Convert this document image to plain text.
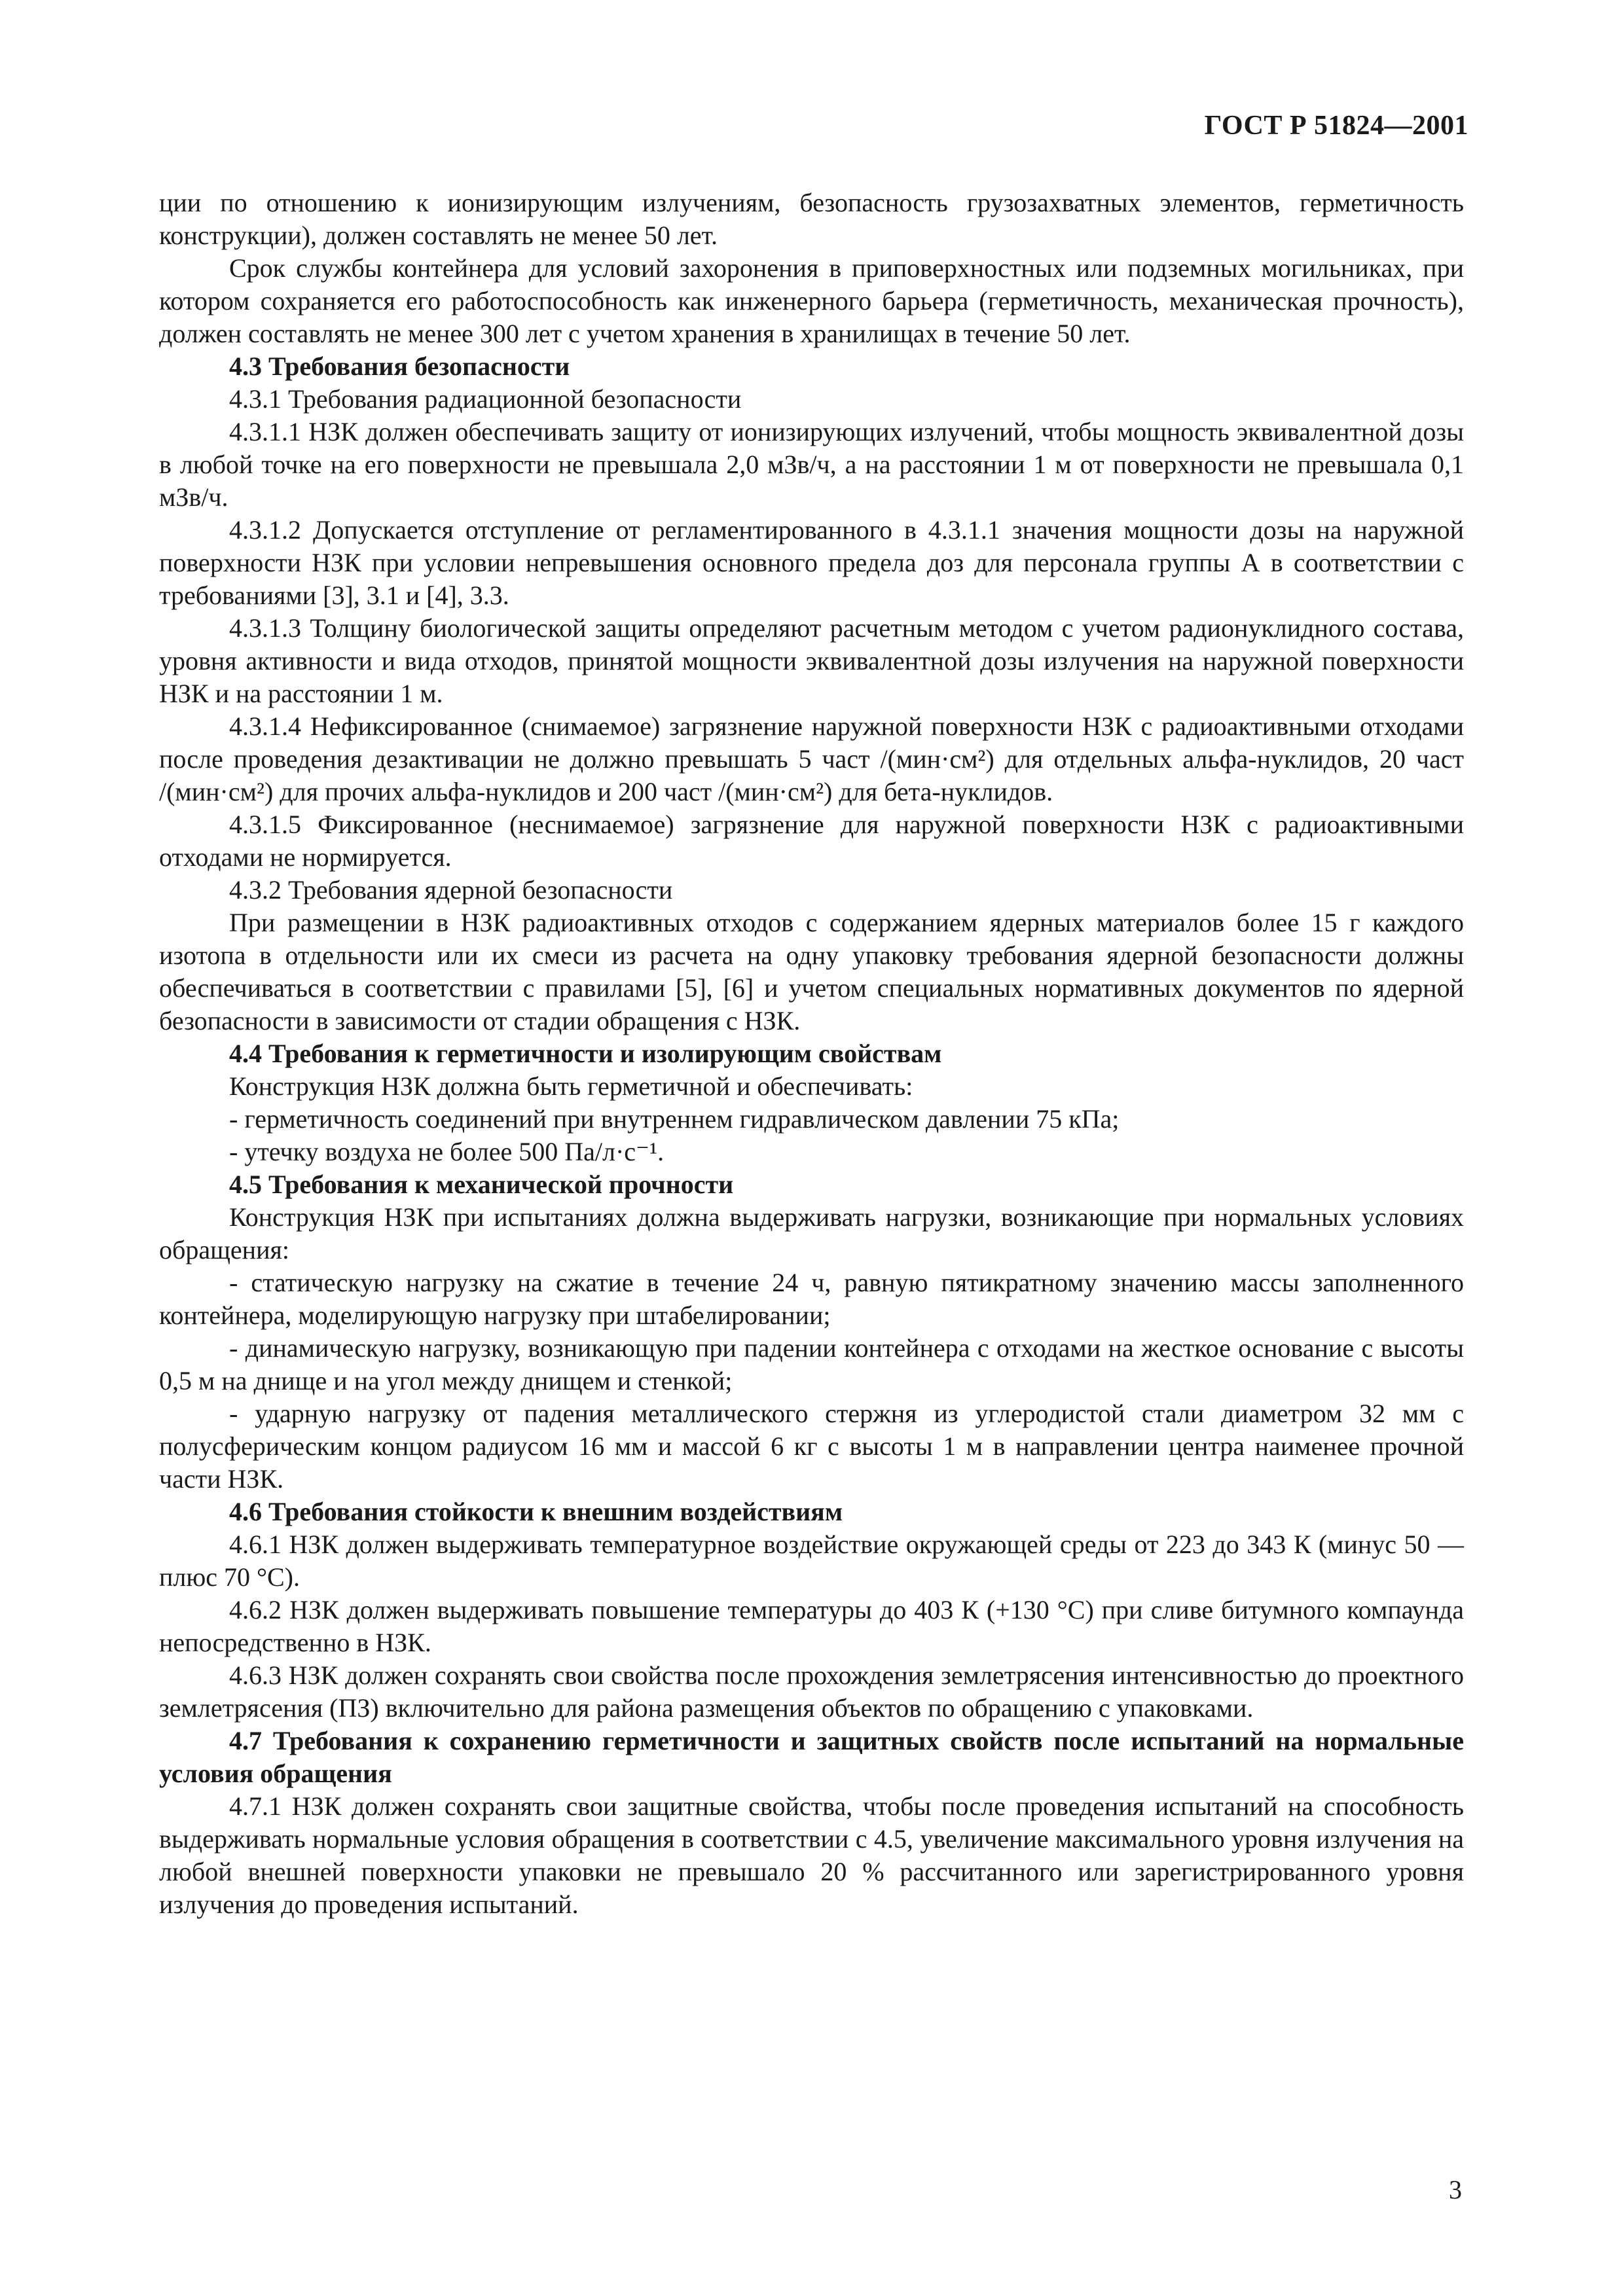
ГОСТ Р 51824—2001

ции по отношению к ионизирующим излучениям, безопасность грузозахватных элементов, герметичность конструкции), должен составлять не менее 50 лет.

Срок службы контейнера для условий захоронения в приповерхностных или подземных могильниках, при котором сохраняется его работоспособность как инженерного барьера (герметичность, механическая прочность), должен составлять не менее 300 лет с учетом хранения в хранилищах в течение 50 лет.

4.3 Требования безопасности

4.3.1 Требования радиационной безопасности

4.3.1.1 НЗК должен обеспечивать защиту от ионизирующих излучений, чтобы мощность эквивалентной дозы в любой точке на его поверхности не превышала 2,0 мЗв/ч, а на расстоянии 1 м от поверхности не превышала 0,1 мЗв/ч.

4.3.1.2 Допускается отступление от регламентированного в 4.3.1.1 значения мощности дозы на наружной поверхности НЗК при условии непревышения основного предела доз для персонала группы А в соответствии с требованиями [3], 3.1 и [4], 3.3.

4.3.1.3 Толщину биологической защиты определяют расчетным методом с учетом радионуклидного состава, уровня активности и вида отходов, принятой мощности эквивалентной дозы излучения на наружной поверхности НЗК и на расстоянии 1 м.

4.3.1.4 Нефиксированное (снимаемое) загрязнение наружной поверхности НЗК с радиоактивными отходами после проведения дезактивации не должно превышать 5 част /(мин·см²) для отдельных альфа-нуклидов, 20 част /(мин·см²) для прочих альфа-нуклидов и 200 част /(мин·см²) для бета-нуклидов.

4.3.1.5 Фиксированное (неснимаемое) загрязнение для наружной поверхности НЗК с радиоактивными отходами не нормируется.

4.3.2 Требования ядерной безопасности

При размещении в НЗК радиоактивных отходов с содержанием ядерных материалов более 15 г каждого изотопа в отдельности или их смеси из расчета на одну упаковку требования ядерной безопасности должны обеспечиваться в соответствии с правилами [5], [6] и учетом специальных нормативных документов по ядерной безопасности в зависимости от стадии обращения с НЗК.

4.4 Требования к герметичности и изолирующим свойствам

Конструкция НЗК должна быть герметичной и обеспечивать:

- герметичность соединений при внутреннем гидравлическом давлении 75 кПа;

- утечку воздуха не более 500 Па/л·с⁻¹.

4.5 Требования к механической прочности

Конструкция НЗК при испытаниях должна выдерживать нагрузки, возникающие при нормальных условиях обращения:

- статическую нагрузку на сжатие в течение 24 ч, равную пятикратному значению массы заполненного контейнера, моделирующую нагрузку при штабелировании;

- динамическую нагрузку, возникающую при падении контейнера с отходами на жесткое основание с высоты 0,5 м на днище и на угол между днищем и стенкой;

- ударную нагрузку от падения металлического стержня из углеродистой стали диаметром 32 мм с полусферическим концом радиусом 16 мм и массой 6 кг с высоты 1 м в направлении центра наименее прочной части НЗК.

4.6 Требования стойкости к внешним воздействиям

4.6.1 НЗК должен выдерживать температурное воздействие окружающей среды от 223 до 343 К (минус 50 — плюс 70 °С).

4.6.2 НЗК должен выдерживать повышение температуры до 403 К (+130 °С) при сливе битумного компаунда непосредственно в НЗК.

4.6.3 НЗК должен сохранять свои свойства после прохождения землетрясения интенсивностью до проектного землетрясения (ПЗ) включительно для района размещения объектов по обращению с упаковками.

4.7 Требования к сохранению герметичности и защитных свойств после испытаний на нормальные условия обращения

4.7.1 НЗК должен сохранять свои защитные свойства, чтобы после проведения испытаний на способность выдерживать нормальные условия обращения в соответствии с 4.5, увеличение максимального уровня излучения на любой внешней поверхности упаковки не превышало 20 % рассчитанного или зарегистрированного уровня излучения до проведения испытаний.

3
